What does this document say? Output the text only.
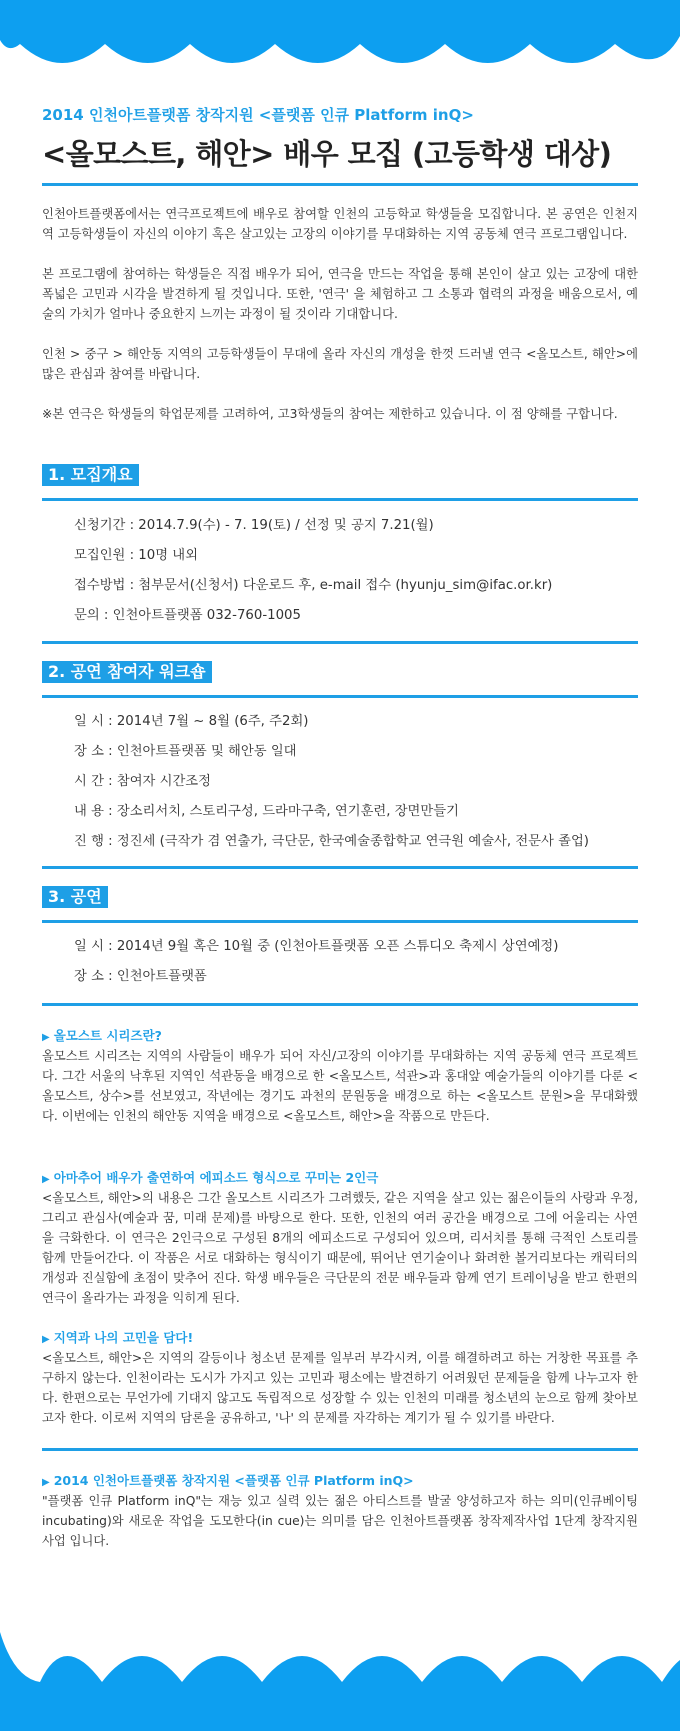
2014 인천아트플랫폼 창작지원 <플랫폼 인큐 Platform inQ>

<올모스트, 해안> 배우 모집 (고등학생 대상)

인천아트플랫폼에서는 연극프로젝트에 배우로 참여할 인천의 고등학교 학생들을 모집합니다. 본 공연은 인천지역 고등학생들이 자신의 이야기 혹은 살고있는 고장의 이야기를 무대화하는 지역 공동체 연극 프로그램입니다.

본 프로그램에 참여하는 학생들은 직접 배우가 되어, 연극을 만드는 작업을 통해 본인이 살고 있는 고장에 대한 폭넓은 고민과 시각을 발견하게 될 것입니다. 또한, '연극' 을 체험하고 그 소통과 협력의 과정을 배움으로서, 예술의 가치가 얼마나 중요한지 느끼는 과정이 될 것이라 기대합니다.

인천 > 중구 > 해안동 지역의 고등학생들이 무대에 올라 자신의 개성을 한껏 드러낼 연극 <올모스트, 해안>에 많은 관심과 참여를 바랍니다.

※본 연극은 학생들의 학업문제를 고려하여, 고3학생들의 참여는 제한하고 있습니다. 이 점 양해를 구합니다.

1. 모집개요
신청기간 : 2014.7.9(수) - 7. 19(토) / 선정 및 공지 7.21(월)
모집인원 : 10명 내외
접수방법 : 첨부문서(신청서) 다운로드 후, e-mail 접수 (hyunju_sim@ifac.or.kr)
문의 : 인천아트플랫폼 032-760-1005
2. 공연 참여자 워크숍
일 시 : 2014년 7월 ~ 8월 (6주, 주2회)
장 소 : 인천아트플랫폼 및 해안동 일대
시 간 : 참여자 시간조정
내 용 : 장소리서치, 스토리구성, 드라마구축, 연기훈련, 장면만들기
진 행 : 정진세 (극작가 겸 연출가, 극단문, 한국예술종합학교 연극원 예술사, 전문사 졸업)
3. 공연
일 시 : 2014년 9월 혹은 10월 중 (인천아트플랫폼 오픈 스튜디오 축제시 상연예정)
장 소 : 인천아트플랫폼

▶ 올모스트 시리즈란?

올모스트 시리즈는 지역의 사람들이 배우가 되어 자신/고장의 이야기를 무대화하는 지역 공동체 연극 프로젝트다. 그간 서울의 낙후된 지역인 석관동을 배경으로 한 <올모스트, 석관>과 홍대앞 예술가들의 이야기를 다룬 <올모스트, 상수>를 선보였고, 작년에는 경기도 과천의 문원동을 배경으로 하는 <올모스트 문원>을 무대화했다. 이번에는 인천의 해안동 지역을 배경으로 <올모스트, 해안>을 작품으로 만든다.

▶ 아마추어 배우가 출연하여 에피소드 형식으로 꾸미는 2인극

<올모스트, 해안>의 내용은 그간 올모스트 시리즈가 그려했듯, 같은 지역을 살고 있는 젊은이들의 사랑과 우정, 그리고 관심사(예술과 꿈, 미래 문제)를 바탕으로 한다. 또한, 인천의 여러 공간을 배경으로 그에 어울리는 사연을 극화한다. 이 연극은 2인극으로 구성된 8개의 에피소드로 구성되어 있으며, 리서치를 통해 극적인 스토리를 함께 만들어간다. 이 작품은 서로 대화하는 형식이기 때문에, 뛰어난 연기술이나 화려한 볼거리보다는 캐릭터의 개성과 진실함에 초점이 맞추어 진다. 학생 배우들은 극단문의 전문 배우들과 함께 연기 트레이닝을 받고 한편의 연극이 올라가는 과정을 익히게 된다.

▶ 지역과 나의 고민을 담다!

<올모스트, 해안>은 지역의 갈등이나 청소년 문제를 일부러 부각시켜, 이를 해결하려고 하는 거창한 목표를 추구하지 않는다. 인천이라는 도시가 가지고 있는 고민과 평소에는 발견하기 어려웠던 문제들을 함께 나누고자 한다. 한편으로는 무언가에 기대지 않고도 독립적으로 성장할 수 있는 인천의 미래를 청소년의 눈으로 함께 찾아보고자 한다. 이로써 지역의 담론을 공유하고, '나' 의 문제를 자각하는 계기가 될 수 있기를 바란다.

▶ 2014 인천아트플랫폼 창작지원 <플랫폼 인큐 Platform inQ>

"플랫폼 인큐 Platform inQ"는 재능 있고 실력 있는 젊은 아티스트를 발굴 양성하고자 하는 의미(인큐베이팅 incubating)와 새로운 작업을 도모한다(in cue)는 의미를 담은 인천아트플랫폼 창작제작사업 1단계 창작지원 사업 입니다.
